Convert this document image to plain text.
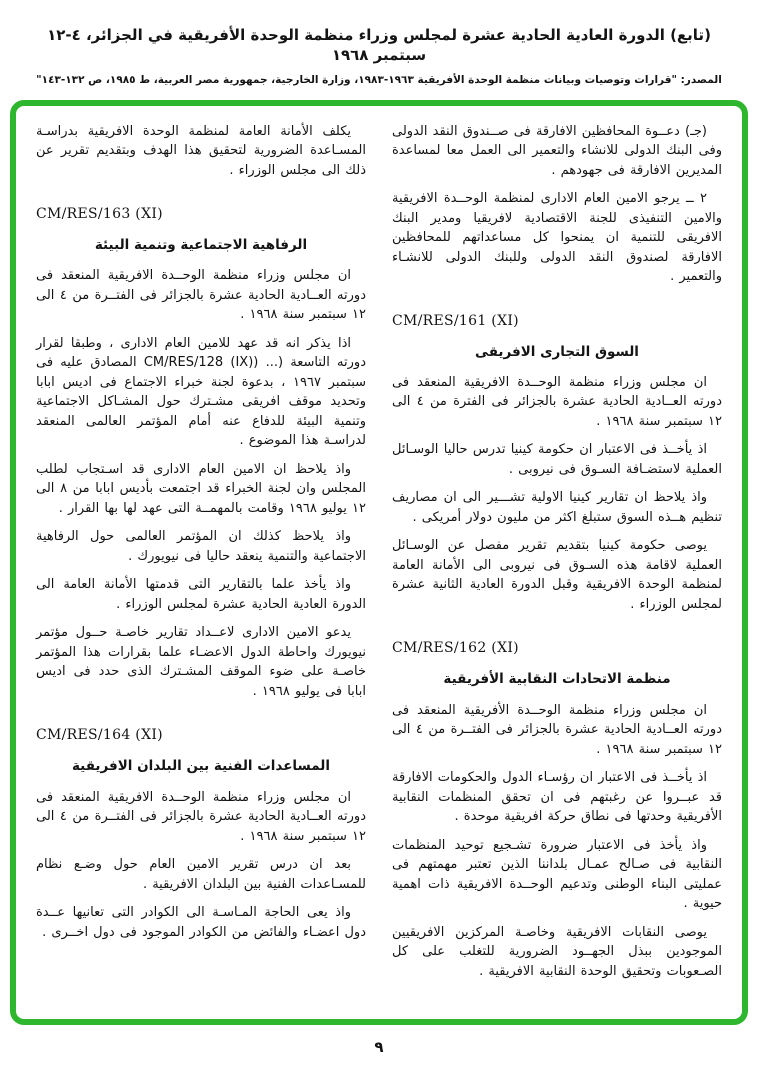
(تابع) الدورة العادية الحادية عشرة لمجلس وزراء منظمة الوحدة الأفريقية في الجزائر، ٤-١٢ سبتمبر ١٩٦٨
المصدر: "قرارات وتوصيات وبيانات منظمة الوحدة الأفريقية ١٩٦٣-١٩٨٣، وزارة الخارجية، جمهورية مصر العربية، ط ١٩٨٥، ص ١٣٢-١٤٣"
(جـ) دعــوة المحافظين الافارقة فى صــندوق النقد الدولى وفى البنك الدولى للانشاء والتعمير الى العمل معا لمساعدة المديرين الافارقة فى جهودهم .
٢ ــ يرجو الامين العام الادارى لمنظمة الوحــدة الافريقية والامين التنفيذى للجنة الاقتصادية لافريقيا ومدير البنك الافريقى للتنمية ان يمنحوا كل مساعداتهم للمحافظين الافارقة لصندوق النقد الدولى وللبنك الدولى للانشـاء والتعمير .
CM/RES/161 (XI)
السوق التجارى الافريقى
ان مجلس وزراء منظمة الوحــدة الافريقية المنعقد فى دورته العــادية الحادية عشرة بالجزائر فى الفترة من ٤ الى ١٢ سبتمبر سنة ١٩٦٨ .
اذ يأخــذ فى الاعتبار ان حكومة كينيا تدرس حاليا الوسـائل العملية لاستضـافة السـوق فى نيروبى .
واذ يلاحظ ان تقارير كينيا الاولية تشـــير الى ان مصاريف تنظيم هــذه السوق ستبلغ اكثر من مليون دولار أمريكى .
يوصى حكومة كينيا بتقديم تقرير مفصل عن الوسـائل العملية لاقامة هذه السـوق فى نيروبى الى الأمانة العامة لمنظمة الوحدة الافريقية وقبل الدورة العادية الثانية عشرة لمجلس الوزراء .
CM/RES/162 (XI)
منظمة الاتحادات النقابية الأفريقية
ان مجلس وزراء منظمة الوحــدة الأفريقية المنعقد فى دورته العــادية الحادية عشرة بالجزائر فى الفتــرة من ٤ الى ١٢ سبتمبر سنة ١٩٦٨ .
اذ يأخــذ فى الاعتبار ان رؤسـاء الدول والحكومات الافارقة قد عبــروا عن رغبتهم فى ان تحقق المنظمات النقابية الأفريقية وحدتها فى نطاق حركة افريقية موحدة .
واذ يأخذ فى الاعتبار ضرورة تشـجيع توحيد المنظمات النقابية فى صـالح عمـال بلداننا الذين تعتبر مهمتهم فى عمليتى البناء الوطنى وتدعيم الوحــدة الافريقية ذات اهمية حيوية .
يوصى النقابات الافريقية وخاصـة المركزين الافريقيين الموجودين ببذل الجهــود الضرورية للتغلب على كل الصـعوبات وتحقيق الوحدة النقابية الافريقية .
يكلف الأمانة العامة لمنظمة الوحدة الافريقية بدراسـة المسـاعدة الضرورية لتحقيق هذا الهدف وبتقديم تقرير عن ذلك الى مجلس الوزراء .
CM/RES/163 (XI)
الرفاهية الاجتماعية وتنمية البيئة
ان مجلس وزراء منظمة الوحــدة الافريقية المنعقد فى دورته العــادية الحادية عشرة بالجزائر فى الفتــرة من ٤ الى ١٢ سبتمبر سنة ١٩٦٨ .
اذا يذكر انه قد عهد للامين العام الادارى ، وطبقا لقرار دورته التاسعة (... (CM/RES/128 (IX) المصادق عليه فى سبتمبر ١٩٦٧ ، بدعوة لجنة خبراء الاجتماع فى اديس ابابا وتحديد موقف افريقى مشـترك حول المشـاكل الاجتماعية وتنمية البيئة للدفاع عنه أمام المؤتمر العالمى المنعقد لدراسـة هذا الموضوع .
واذ يلاحظ ان الامين العام الادارى قد اسـتجاب لطلب المجلس وان لجنة الخبراء قد اجتمعت بأديس ابابا من ٨ الى ١٢ يوليو ١٩٦٨ وقامت بالمهمــة التى عهد لها بها القرار .
واذ يلاحظ كذلك ان المؤتمر العالمى حول الرفاهية الاجتماعية والتنمية ينعقد حاليا فى نيويورك .
واذ يأخذ علما بالتقارير التى قدمتها الأمانة العامة الى الدورة العادية الحادية عشرة لمجلس الوزراء .
يدعو الامين الادارى لاعــداد تقارير خاصـة حــول مؤتمر نيويورك واحاطة الدول الاعضـاء علما بقرارات هذا المؤتمر خاصـة على ضوء الموقف المشـترك الذى حدد فى اديس ابابا فى يوليو ١٩٦٨ .
CM/RES/164 (XI)
المساعدات الفنية بين البلدان الافريقية
ان مجلس وزراء منظمة الوحــدة الافريقية المنعقد فى دورته العــادية الحادية عشرة بالجزائر فى الفتــرة من ٤ الى ١٢ سبتمبر سنة ١٩٦٨ .
بعد ان درس تقرير الامين العام حول وضـع نظام للمسـاعدات الفنية بين البلدان الافريقية .
واذ يعى الحاجة المـاسـة الى الكوادر التى تعانيها عــدة دول اعضـاء والفائض من الكوادر الموجود فى دول اخــرى .
٩
